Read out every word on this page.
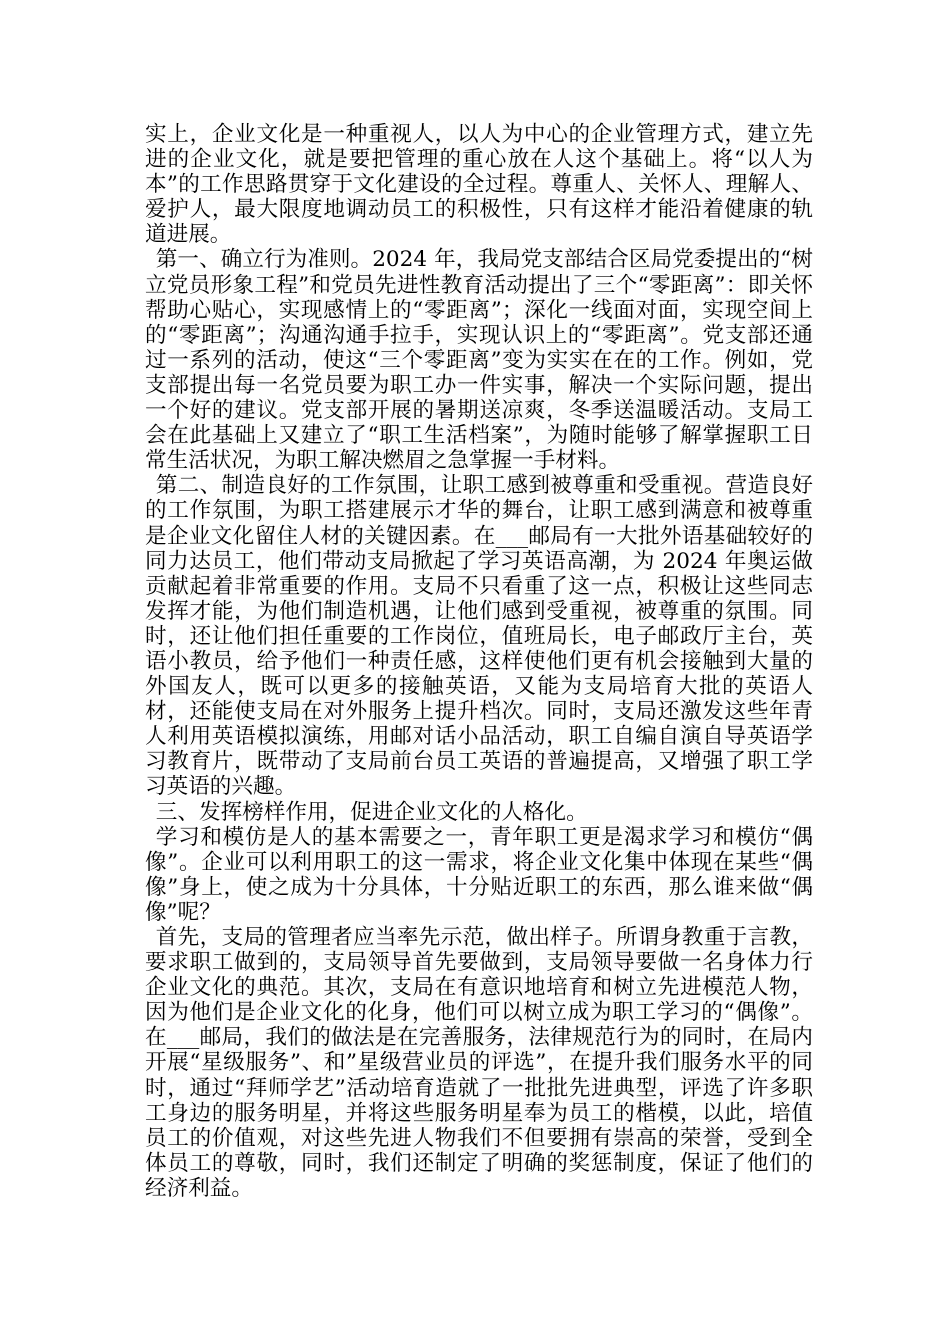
实上，企业文化是一种重视人，以人为中心的企业管理方式，建立先进的企业文化，就是要把管理的重心放在人这个基础上。将“以人为本”的工作思路贯穿于文化建设的全过程。尊重人、关怀人、理解人、爱护人，最大限度地调动员工的积极性，只有这样才能沿着健康的轨道进展。

第一、确立行为准则。2024 年，我局党支部结合区局党委提出的“树立党员形象工程”和党员先进性教育活动提出了三个“零距离”：即关怀帮助心贴心，实现感情上的“零距离”；深化一线面对面，实现空间上的“零距离”；沟通沟通手拉手，实现认识上的“零距离”。党支部还通过一系列的活动，使这“三个零距离”变为实实在在的工作。例如，党支部提出每一名党员要为职工办一件实事，解决一个实际问题，提出一个好的建议。党支部开展的暑期送凉爽，冬季送温暖活动。支局工会在此基础上又建立了“职工生活档案”，为随时能够了解掌握职工日常生活状况，为职工解决燃眉之急掌握一手材料。

第二、制造良好的工作氛围，让职工感到被尊重和受重视。营造良好的工作氛围，为职工搭建展示才华的舞台，让职工感到满意和被尊重是企业文化留住人材的关键因素。在___邮局有一大批外语基础较好的同力达员工，他们带动支局掀起了学习英语高潮，为 2024 年奥运做贡献起着非常重要的作用。支局不只看重了这一点，积极让这些同志发挥才能，为他们制造机遇，让他们感到受重视，被尊重的氛围。同时，还让他们担任重要的工作岗位，值班局长，电子邮政厅主台，英语小教员，给予他们一种责任感，这样使他们更有机会接触到大量的外国友人，既可以更多的接触英语，又能为支局培育大批的英语人材，还能使支局在对外服务上提升档次。同时，支局还激发这些年青人利用英语模拟演练，用邮对话小品活动，职工自编自演自导英语学习教育片，既带动了支局前台员工英语的普遍提高，又增强了职工学习英语的兴趣。

三、发挥榜样作用，促进企业文化的人格化。

学习和模仿是人的基本需要之一，青年职工更是渴求学习和模仿“偶像”。企业可以利用职工的这一需求，将企业文化集中体现在某些“偶像”身上，使之成为十分具体，十分贴近职工的东西，那么谁来做“偶像”呢？

首先，支局的管理者应当率先示范，做出样子。所谓身教重于言教，要求职工做到的，支局领导首先要做到，支局领导要做一名身体力行企业文化的典范。其次，支局在有意识地培育和树立先进模范人物，因为他们是企业文化的化身，他们可以树立成为职工学习的“偶像”。在___邮局，我们的做法是在完善服务，法律规范行为的同时，在局内开展“星级服务”、和”星级营业员的评选”，在提升我们服务水平的同时，通过“拜师学艺”活动培育造就了一批批先进典型，评选了许多职工身边的服务明星，并将这些服务明星奉为员工的楷模，以此，培值员工的价值观，对这些先进人物我们不但要拥有崇高的荣誉，受到全体员工的尊敬，同时，我们还制定了明确的奖惩制度，保证了他们的经济利益。
